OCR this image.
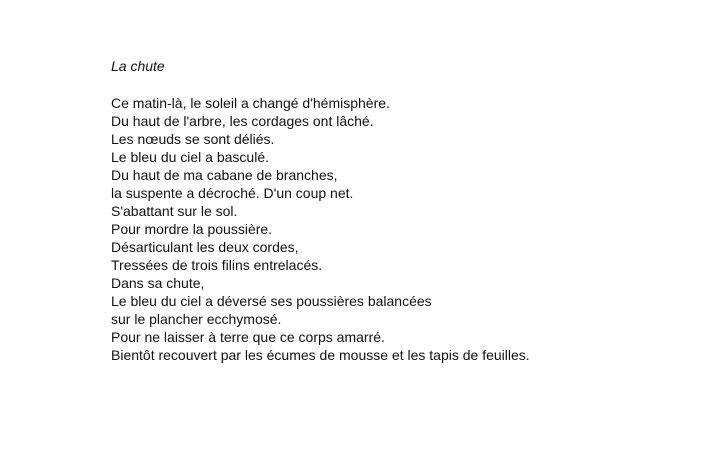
La chute
Ce matin-là, le soleil a changé d'hémisphère.
Du haut de l'arbre, les cordages ont lâché.
Les nœuds se sont déliés.
Le bleu du ciel a basculé.
Du haut de ma cabane de branches,
la suspente a décroché. D'un coup net.
S'abattant sur le sol.
Pour mordre la poussière.
Désarticulant les deux cordes,
Tressées de trois filins entrelacés.
Dans sa chute,
Le bleu du ciel a déversé ses poussières balancées
sur le plancher ecchymosé.
Pour ne laisser à terre que ce corps amarré.
Bientôt recouvert par les écumes de mousse et les tapis de feuilles.
